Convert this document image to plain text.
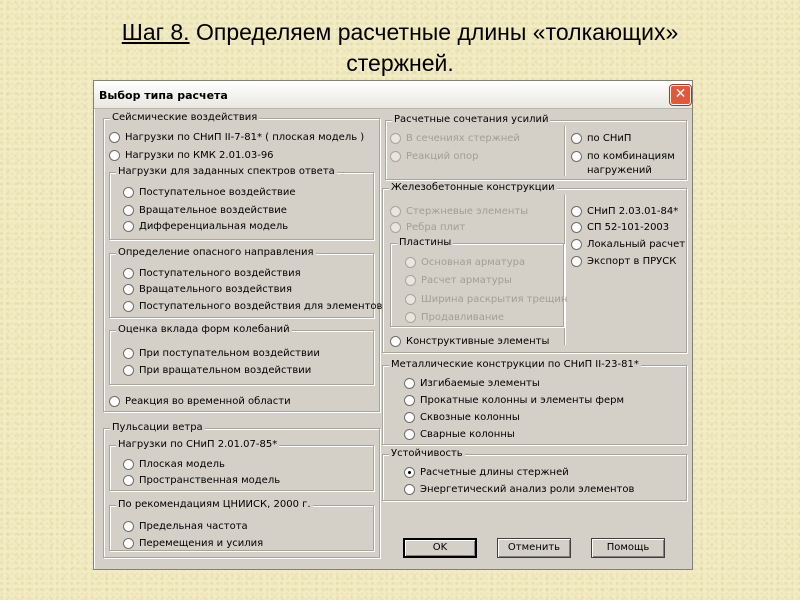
Шаг 8. Определяем расчетные длины «толкающих»
стержней.
Выбор типа расчета	✕
Сейсмические воздействия
Нагрузки по СНиП II-7-81* ( плоская модель )
Нагрузки по КМК 2.01.03-96
Нагрузки для заданных спектров ответа
Поступательное воздействие
Вращательное воздействие
Дифференциальная модель
Определение опасного направления
Поступательного воздействия
Вращательного воздействия
Поступательного воздействия для элементов
Оценка вклада форм колебаний
При поступательном воздействии
При вращательном воздействии
Реакция во временной области
Пульсации ветра
Нагрузки по СНиП 2.01.07-85*
Плоская модель
Пространственная модель
По рекомендациям ЦНИИСК, 2000 г.
Предельная частота
Перемещения и усилия
Расчетные сочетания усилий
В сечениях стержней
Реакций опор
по СНиП
по комбинациям
нагружений
Железобетонные конструкции
Стержневые элементы
Ребра плит
СНиП 2.03.01-84*
СП 52-101-2003
Локальный расчет
Экспорт в ПРУСК
Пластины
Основная арматура
Расчет арматуры
Ширина раскрытия трещин
Продавливание
Конструктивные элементы
Металлические конструкции по СНиП II-23-81*
Изгибаемые элементы
Прокатные колонны и элементы ферм
Сквозные колонны
Сварные колонны
Устойчивость
Расчетные длины стержней
Энергетический анализ роли элементов
OK	Отменить	Помощь
